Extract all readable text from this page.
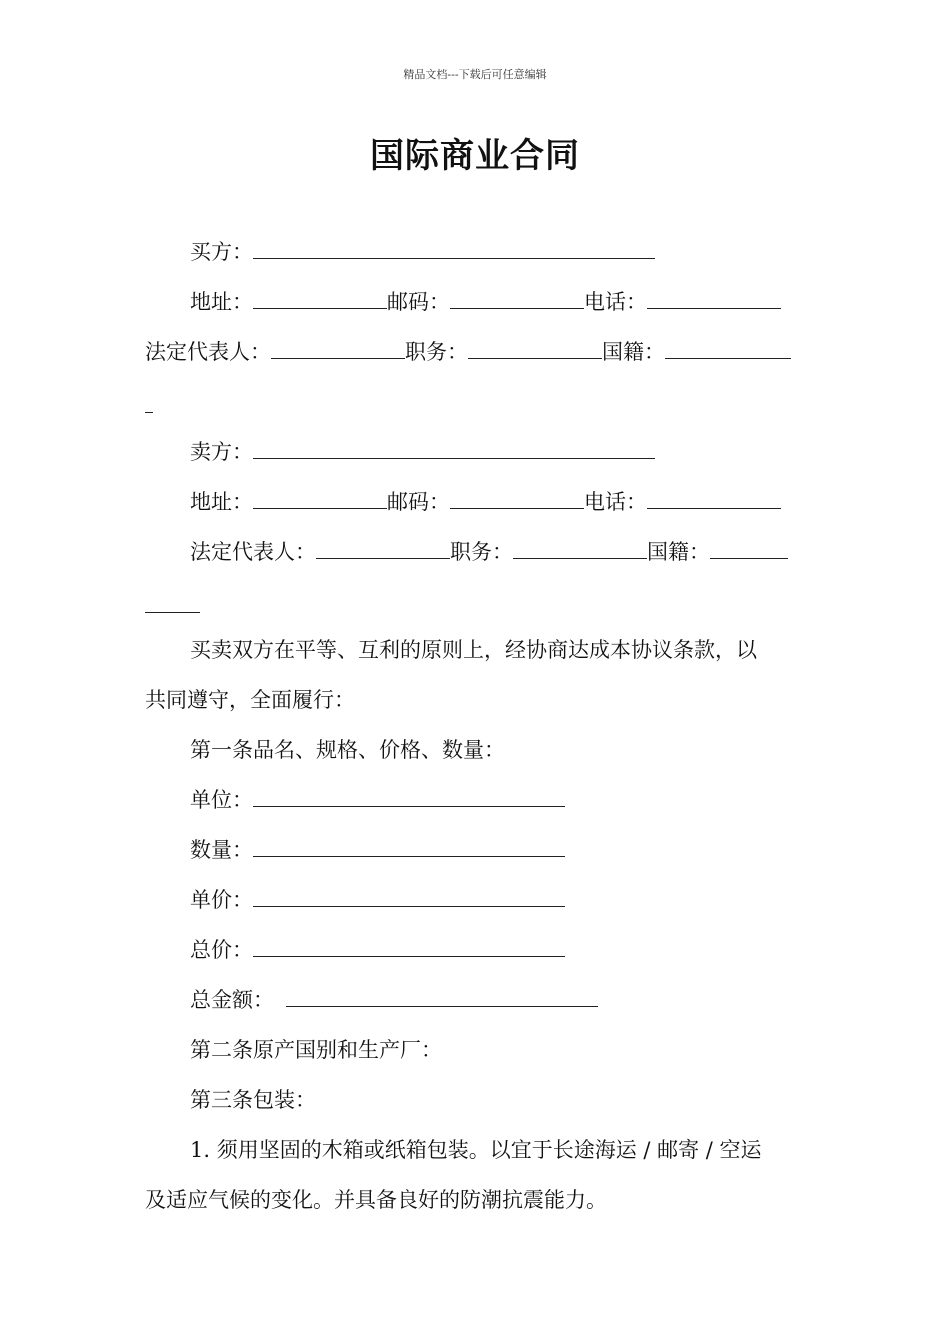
精品文档---下载后可任意编辑
国际商业合同
买方：
地址：	邮码：	电话：
法定代表人：	职务：	国籍：
卖方：
地址：	邮码：	电话：
法定代表人：	职务：	国籍：
买卖双方在平等、互利的原则上，经协商达成本协议条款，以
共同遵守，全面履行：
第一条品名、规格、价格、数量：
单位：
数量：
单价：
总价：
总金额：
第二条原产国别和生产厂：
第三条包装：
1. 须用坚固的木箱或纸箱包装。以宜于长途海运 / 邮寄 / 空运
及适应气候的变化。并具备良好的防潮抗震能力。
